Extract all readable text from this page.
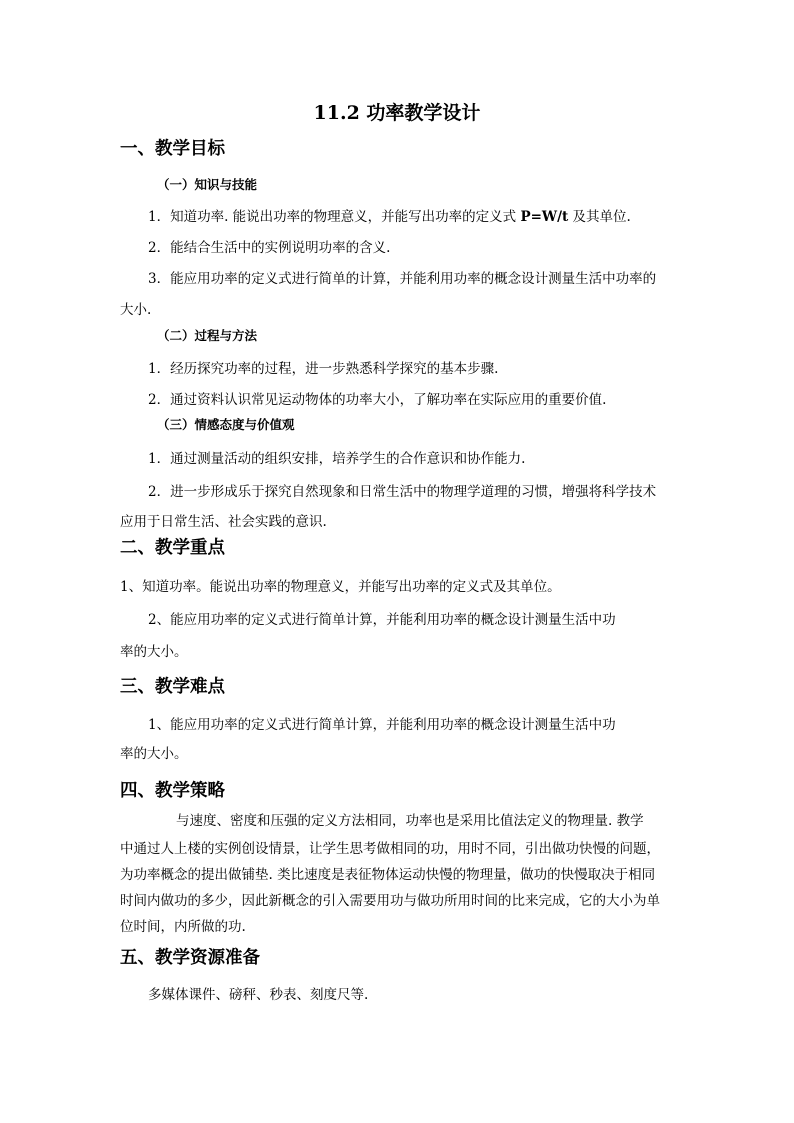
11.2 功率教学设计
一、教学目标
（一）知识与技能
1．知道功率. 能说出功率的物理意义，并能写出功率的定义式 P=W/t 及其单位.
2．能结合生活中的实例说明功率的含义.
3．能应用功率的定义式进行简单的计算，并能利用功率的概念设计测量生活中功率的
大小.
（二）过程与方法
1．经历探究功率的过程，进一步熟悉科学探究的基本步骤.
2．通过资料认识常见运动物体的功率大小，了解功率在实际应用的重要价值.
（三）情感态度与价值观
1．通过测量活动的组织安排，培养学生的合作意识和协作能力.
2．进一步形成乐于探究自然现象和日常生活中的物理学道理的习惯，增强将科学技术
应用于日常生活、社会实践的意识.
二、教学重点
1、知道功率。能说出功率的物理意义，并能写出功率的定义式及其单位。
2、能应用功率的定义式进行简单计算，并能利用功率的概念设计测量生活中功
率的大小。
三、教学难点
1、能应用功率的定义式进行简单计算，并能利用功率的概念设计测量生活中功
率的大小。
四、教学策略
与速度、密度和压强的定义方法相同，功率也是采用比值法定义的物理量. 教学
中通过人上楼的实例创设情景，让学生思考做相同的功，用时不同，引出做功快慢的问题，
为功率概念的提出做铺垫. 类比速度是表征物体运动快慢的物理量，做功的快慢取决于相同
时间内做功的多少，因此新概念的引入需要用功与做功所用时间的比来完成，它的大小为单
位时间，内所做的功.
五、教学资源准备
多媒体课件、磅秤、秒表、刻度尺等.
